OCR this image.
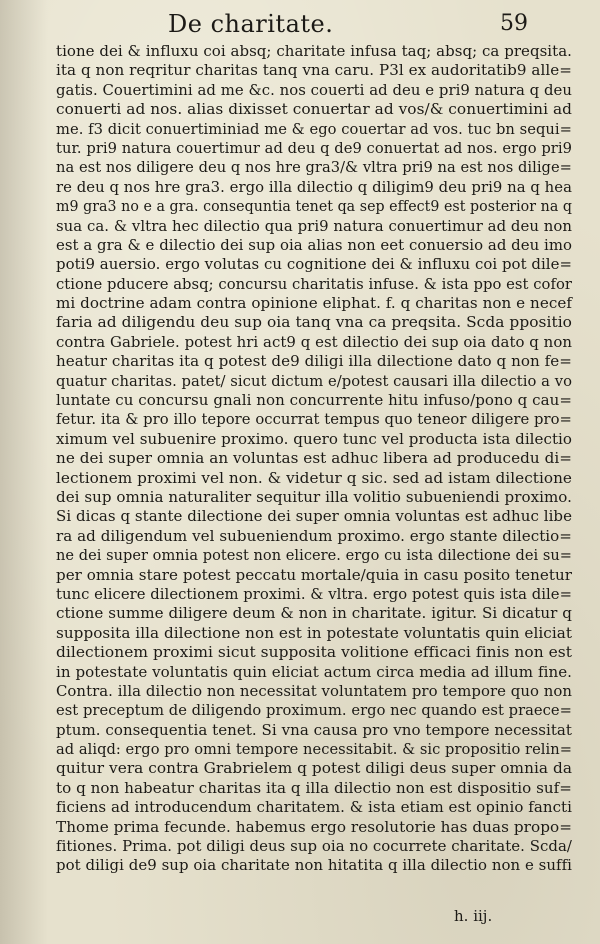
De charitate.	59
tione dei & influxu coi absq; charitate infusa taq; absq; ca preqsita.
ita q non reqritur charitas tanq vna caru. P3l ex audoritatib9 alle=
gatis. Couertimini ad me &c. nos couerti ad deu e pri9 natura q deu
conuerti ad nos. alias dixisset conuertar ad vos/& conuertimini ad
me. f3 dicit conuertiminiad me & ego couertar ad vos. tuc bn sequi=
tur. pri9 natura couertimur ad deu q de9 conuertat ad nos. ergo pri9
na est nos diligere deu q nos hre gra3/& vltra pri9 na est nos dilige=
re deu q nos hre gra3. ergo illa dilectio q diligim9 deu pri9 na q hea
m9 gra3 no e a gra. consequntia tenet qa sep effect9 est posterior na q
sua ca. & vltra hec dilectio qua pri9 natura conuertimur ad deu non
est a gra & e dilectio dei sup oia alias non eet conuersio ad deu imo
poti9 auersio. ergo volutas cu cognitione dei & influxu coi pot dile=
ctione pducere absq; concursu charitatis infuse. & ista ppo est cofor
mi doctrine adam contra opinione eliphat. f. q charitas non e necef
faria ad diligendu deu sup oia tanq vna ca preqsita. Scda ppositio
contra Gabriele. potest hri act9 q est dilectio dei sup oia dato q non
heatur charitas ita q potest de9 diligi illa dilectione dato q non fe=
quatur charitas. patet/ sicut dictum e/potest causari illa dilectio a vo
luntate cu concursu gnali non concurrente hitu infuso/pono q cau=
fetur. ita & pro illo tepore occurrat tempus quo teneor diligere pro=
ximum vel subuenire proximo. quero tunc vel producta ista dilectio
ne dei super omnia an voluntas est adhuc libera ad producedu di=
lectionem proximi vel non. & videtur q sic. sed ad istam dilectione
dei sup omnia naturaliter sequitur illa volitio subueniendi proximo.
Si dicas q stante dilectione dei super omnia voluntas est adhuc libe
ra ad diligendum vel subueniendum proximo. ergo stante dilectio=
ne dei super omnia potest non elicere. ergo cu ista dilectione dei su=
per omnia stare potest peccatu mortale/quia in casu posito tenetur
tunc elicere dilectionem proximi. & vltra. ergo potest quis ista dile=
ctione summe diligere deum & non in charitate. igitur. Si dicatur q
supposita illa dilectione non est in potestate voluntatis quin eliciat
dilectionem proximi sicut supposita volitione efficaci finis non est
in potestate voluntatis quin eliciat actum circa media ad illum fine.
Contra. illa dilectio non necessitat voluntatem pro tempore quo non
est preceptum de diligendo proximum. ergo nec quando est praece=
ptum. consequentia tenet. Si vna causa pro vno tempore necessitat
ad aliqd: ergo pro omni tempore necessitabit. & sic propositio relin=
quitur vera contra Grabrielem q potest diligi deus super omnia da
to q non habeatur charitas ita q illa dilectio non est dispositio suf=
ficiens ad introducendum charitatem. & ista etiam est opinio fancti
Thome prima fecunde. habemus ergo resolutorie has duas propo=
fitiones. Prima. pot diligi deus sup oia no cocurrete charitate. Scda/
pot diligi de9 sup oia charitate non hitatita q illa dilectio non e suffi
h. iij.
